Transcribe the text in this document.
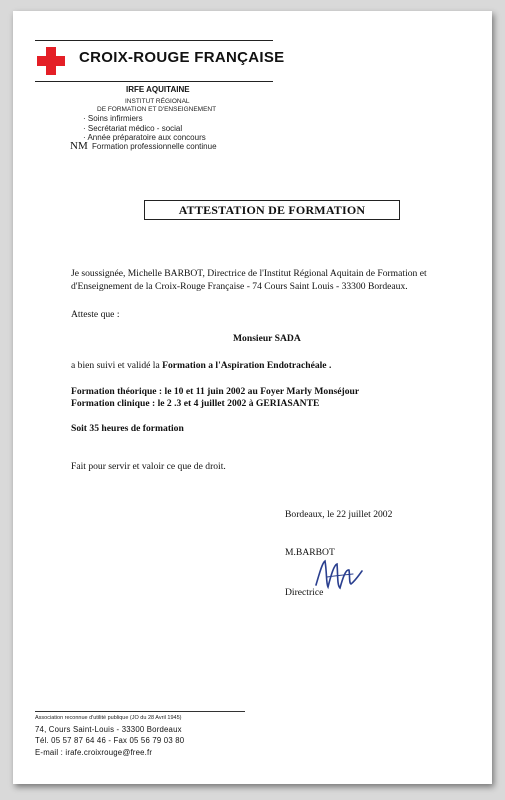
CROIX-ROUGE FRANÇAISE
IRFE AQUITAINE
INSTITUT RÉGIONAL
DE FORMATION ET D'ENSEIGNEMENT
· Soins infirmiers
· Secrétariat médico - social
· Année préparatoire aux concours
NM Formation professionnelle continue
ATTESTATION DE FORMATION
Je soussignée, Michelle BARBOT, Directrice de l'Institut Régional Aquitain de Formation et
d'Enseignement de la Croix-Rouge Française - 74 Cours Saint Louis - 33300 Bordeaux.
Atteste que :
Monsieur SADA
a bien suivi et validé la Formation a l'Aspiration Endotrachéale .
Formation théorique : le 10 et 11 juin 2002 au Foyer Marly Monséjour
Formation clinique : le 2 .3 et 4 juillet 2002 à GERIASANTE
Soit 35 heures de formation
Fait pour servir et valoir ce que de droit.
Bordeaux, le 22 juillet 2002
M.BARBOT
Directrice
Association reconnue d'utilité publique (JO du 28 Avril 1945)
74, Cours Saint-Louis - 33300 Bordeaux
Tél. 05 57 87 64 46 - Fax 05 56 79 03 80
E-mail : irafe.croixrouge@free.fr
